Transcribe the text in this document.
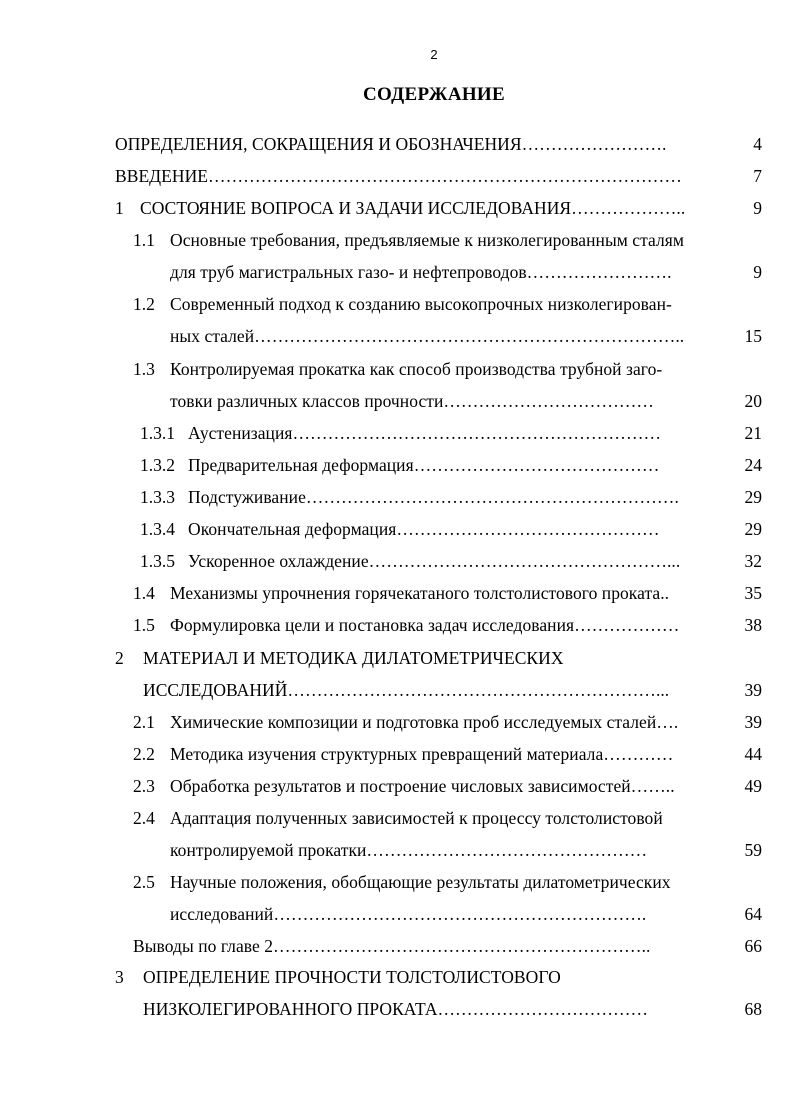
2
СОДЕРЖАНИЕ
ОПРЕДЕЛЕНИЯ, СОКРАЩЕНИЯ И ОБОЗНАЧЕНИЯ…………………….	4
ВВЕДЕНИЕ………………………………………………………………………	7
1 СОСТОЯНИЕ ВОПРОСА И ЗАДАЧИ ИССЛЕДОВАНИЯ………………..	9
1.1 Основные требования, предъявляемые к низколегированным сталям
для труб магистральных газо- и нефтепроводов…………………….	9
1.2 Современный подход к созданию высокопрочных низколегирован-
ных сталей………………………………………………………………..	15
1.3 Контролируемая прокатка как способ производства трубной заго-
товки различных классов прочности………………………………	20
1.3.1 Аустенизация………………………………………………………	21
1.3.2 Предварительная деформация……………………………………	24
1.3.3 Подстуживание……………………………………………………….	29
1.3.4 Окончательная деформация………………………………………	29
1.3.5 Ускоренное охлаждение……………………………………………...	32
1.4 Механизмы упрочнения горячекатаного толстолистового проката..	35
1.5 Формулировка цели и постановка задач исследования………………	38
2 МАТЕРИАЛ И МЕТОДИКА ДИЛАТОМЕТРИЧЕСКИХ
ИССЛЕДОВАНИЙ………………………………………………………...	39
2.1 Химические композиции и подготовка проб исследуемых сталей….	39
2.2 Методика изучения структурных превращений материала…………	44
2.3 Обработка результатов и построение числовых зависимостей……..	49
2.4 Адаптация полученных зависимостей к процессу толстолистовой
контролируемой прокатки…………………………………………	59
2.5 Научные положения, обобщающие результаты дилатометрических
исследований……………………………………………………….	64
Выводы по главе 2………………………………………………………..	66
3 ОПРЕДЕЛЕНИЕ ПРОЧНОСТИ ТОЛСТОЛИСТОВОГО
НИЗКОЛЕГИРОВАННОГО ПРОКАТА………………………………	68
